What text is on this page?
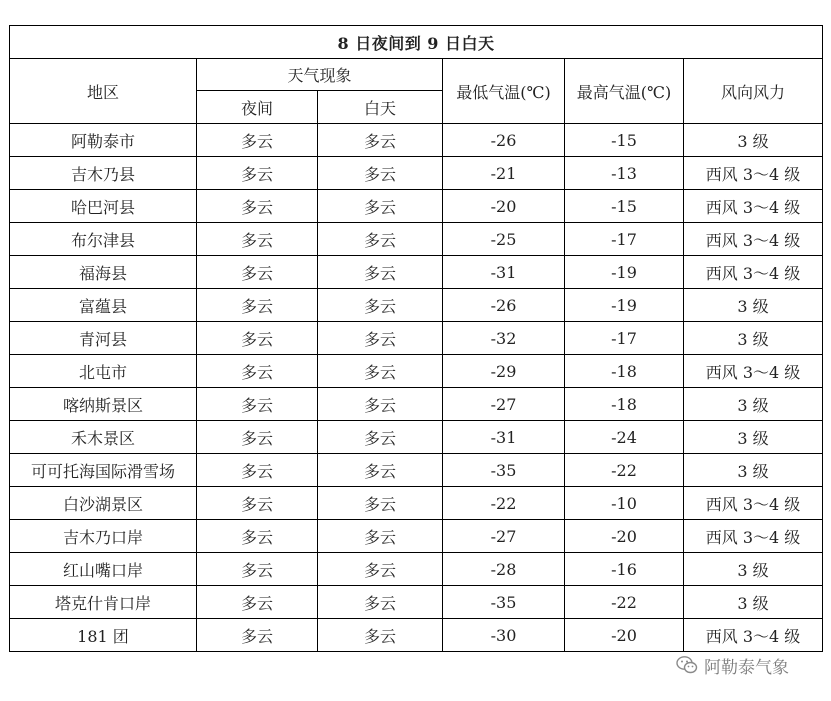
8 日夜间到 9 日白天					
地区	天气现象		最低气温(℃)	最高气温(℃)	风向风力
	夜间	白天			
阿勒泰市	多云	多云	-26	-15	3 级
吉木乃县	多云	多云	-21	-13	西风 3～4 级
哈巴河县	多云	多云	-20	-15	西风 3～4 级
布尔津县	多云	多云	-25	-17	西风 3～4 级
福海县	多云	多云	-31	-19	西风 3～4 级
富蕴县	多云	多云	-26	-19	3 级
青河县	多云	多云	-32	-17	3 级
北屯市	多云	多云	-29	-18	西风 3～4 级
喀纳斯景区	多云	多云	-27	-18	3 级
禾木景区	多云	多云	-31	-24	3 级
可可托海国际滑雪场	多云	多云	-35	-22	3 级
白沙湖景区	多云	多云	-22	-10	西风 3～4 级
吉木乃口岸	多云	多云	-27	-20	西风 3～4 级
红山嘴口岸	多云	多云	-28	-16	3 级
塔克什肯口岸	多云	多云	-35	-22	3 级
181 团	多云	多云	-30	-20	西风 3～4 级
阿勒泰气象
